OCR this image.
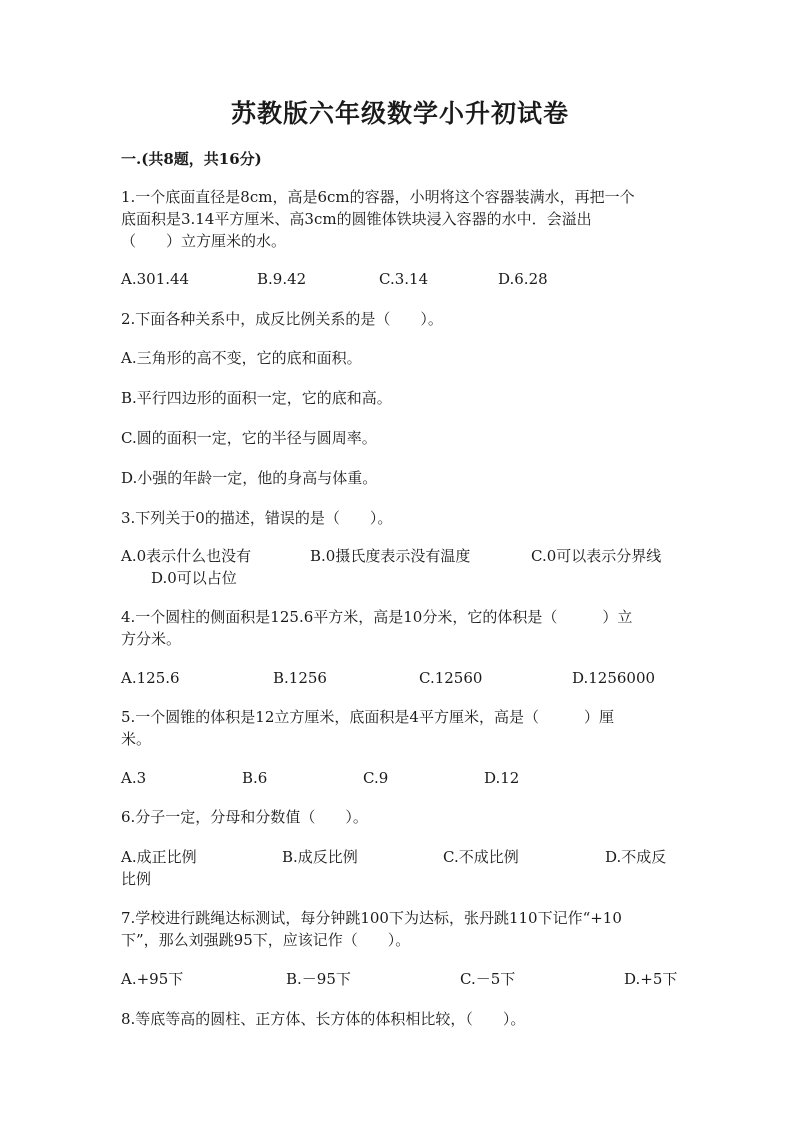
苏教版六年级数学小升初试卷
一.(共8题，共16分)
1.一个底面直径是8cm，高是6cm的容器，小明将这个容器装满水，再把一个
底面积是3.14平方厘米、高3cm的圆锥体铁块浸入容器的水中．会溢出
（　　）立方厘米的水。
A.301.44	B.9.42	C.3.14	D.6.28
2.下面各种关系中，成反比例关系的是（　　）。
A.三角形的高不变，它的底和面积。
B.平行四边形的面积一定，它的底和高。
C.圆的面积一定，它的半径与圆周率。
D.小强的年龄一定，他的身高与体重。
3.下列关于0的描述，错误的是（　　）。
A.0表示什么也没有	B.0摄氏度表示没有温度	C.0可以表示分界线
D.0可以占位
4.一个圆柱的侧面积是125.6平方米，高是10分米，它的体积是（　　　）立
方分米。
A.125.6	B.1256	C.12560	D.1256000
5.一个圆锥的体积是12立方厘米，底面积是4平方厘米，高是（　　　）厘
米。
A.3	B.6	C.9	D.12
6.分子一定，分母和分数值（　　）。
A.成正比例	B.成反比例	C.不成比例	D.不成反
比例
7.学校进行跳绳达标测试，每分钟跳100下为达标，张丹跳110下记作“+10
下”，那么刘强跳95下，应该记作（　　）。
A.+95下	B.－95下	C.－5下	D.+5下
8.等底等高的圆柱、正方体、长方体的体积相比较，（　　）。
